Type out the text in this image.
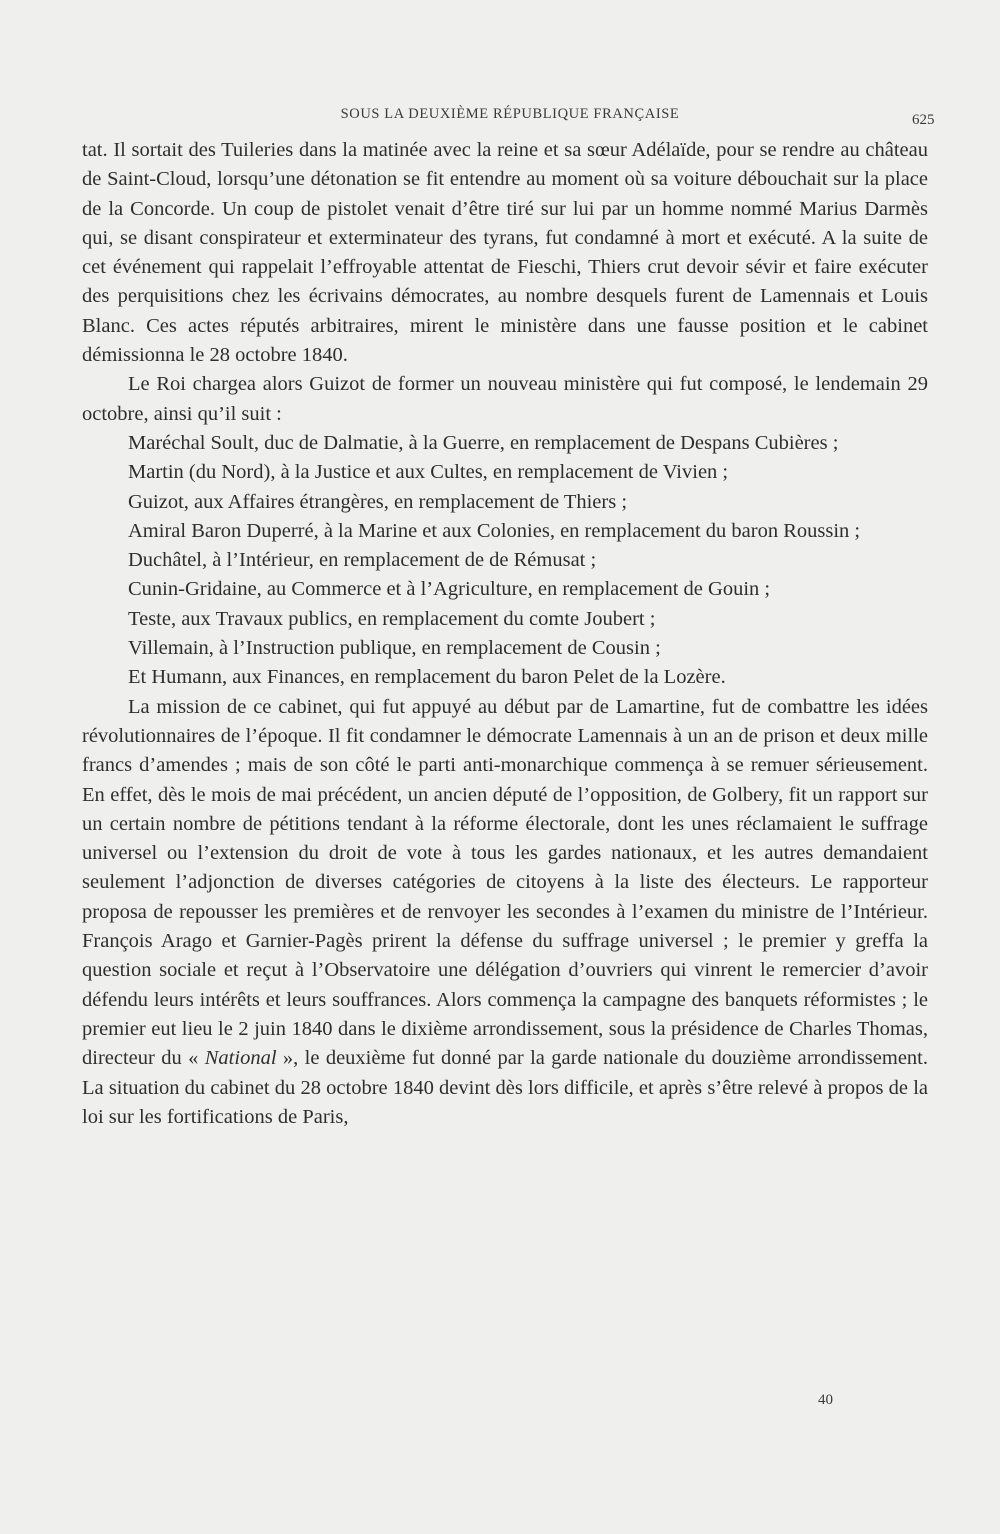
SOUS LA DEUXIÈME RÉPUBLIQUE FRANÇAISE	625

tat. Il sortait des Tuileries dans la matinée avec la reine et sa sœur Adélaïde, pour se rendre au château de Saint-Cloud, lorsqu’une détonation se fit entendre au moment où sa voiture débouchait sur la place de la Concorde. Un coup de pistolet venait d’être tiré sur lui par un homme nommé Marius Darmès qui, se disant conspirateur et exterminateur des tyrans, fut condamné à mort et exécuté. A la suite de cet événement qui rappelait l’effroyable attentat de Fieschi, Thiers crut devoir sévir et faire exécuter des perquisitions chez les écrivains démocrates, au nombre desquels furent de Lamennais et Louis Blanc. Ces actes réputés arbitraires, mirent le ministère dans une fausse position et le cabinet démissionna le 28 octobre 1840.

Le Roi chargea alors Guizot de former un nouveau ministère qui fut composé, le lendemain 29 octobre, ainsi qu’il suit :

Maréchal Soult, duc de Dalmatie, à la Guerre, en remplacement de Despans Cubières ;

Martin (du Nord), à la Justice et aux Cultes, en remplacement de Vivien ;

Guizot, aux Affaires étrangères, en remplacement de Thiers ;

Amiral Baron Duperré, à la Marine et aux Colonies, en remplacement du baron Roussin ;

Duchâtel, à l’Intérieur, en remplacement de de Rémusat ;

Cunin-Gridaine, au Commerce et à l’Agriculture, en remplacement de Gouin ;

Teste, aux Travaux publics, en remplacement du comte Joubert ;

Villemain, à l’Instruction publique, en remplacement de Cousin ;

Et Humann, aux Finances, en remplacement du baron Pelet de la Lozère.

La mission de ce cabinet, qui fut appuyé au début par de Lamartine, fut de combattre les idées révolutionnaires de l’époque. Il fit condamner le démocrate Lamennais à un an de prison et deux mille francs d’amendes ; mais de son côté le parti anti-monarchique commença à se remuer sérieusement. En effet, dès le mois de mai précédent, un ancien député de l’opposition, de Golbery, fit un rapport sur un certain nombre de pétitions tendant à la réforme électorale, dont les unes réclamaient le suffrage universel ou l’extension du droit de vote à tous les gardes nationaux, et les autres demandaient seulement l’adjonction de diverses catégories de citoyens à la liste des électeurs. Le rapporteur proposa de repousser les premières et de renvoyer les secondes à l’examen du ministre de l’Intérieur. François Arago et Garnier-Pagès prirent la défense du suffrage universel ; le premier y greffa la question sociale et reçut à l’Observatoire une délégation d’ouvriers qui vinrent le remercier d’avoir défendu leurs intérêts et leurs souffrances. Alors commença la campagne des banquets réformistes ; le premier eut lieu le 2 juin 1840 dans le dixième arrondissement, sous la présidence de Charles Thomas, directeur du « National », le deuxième fut donné par la garde nationale du douzième arrondissement. La situation du cabinet du 28 octobre 1840 devint dès lors difficile, et après s’être relevé à propos de la loi sur les fortifications de Paris,

40
